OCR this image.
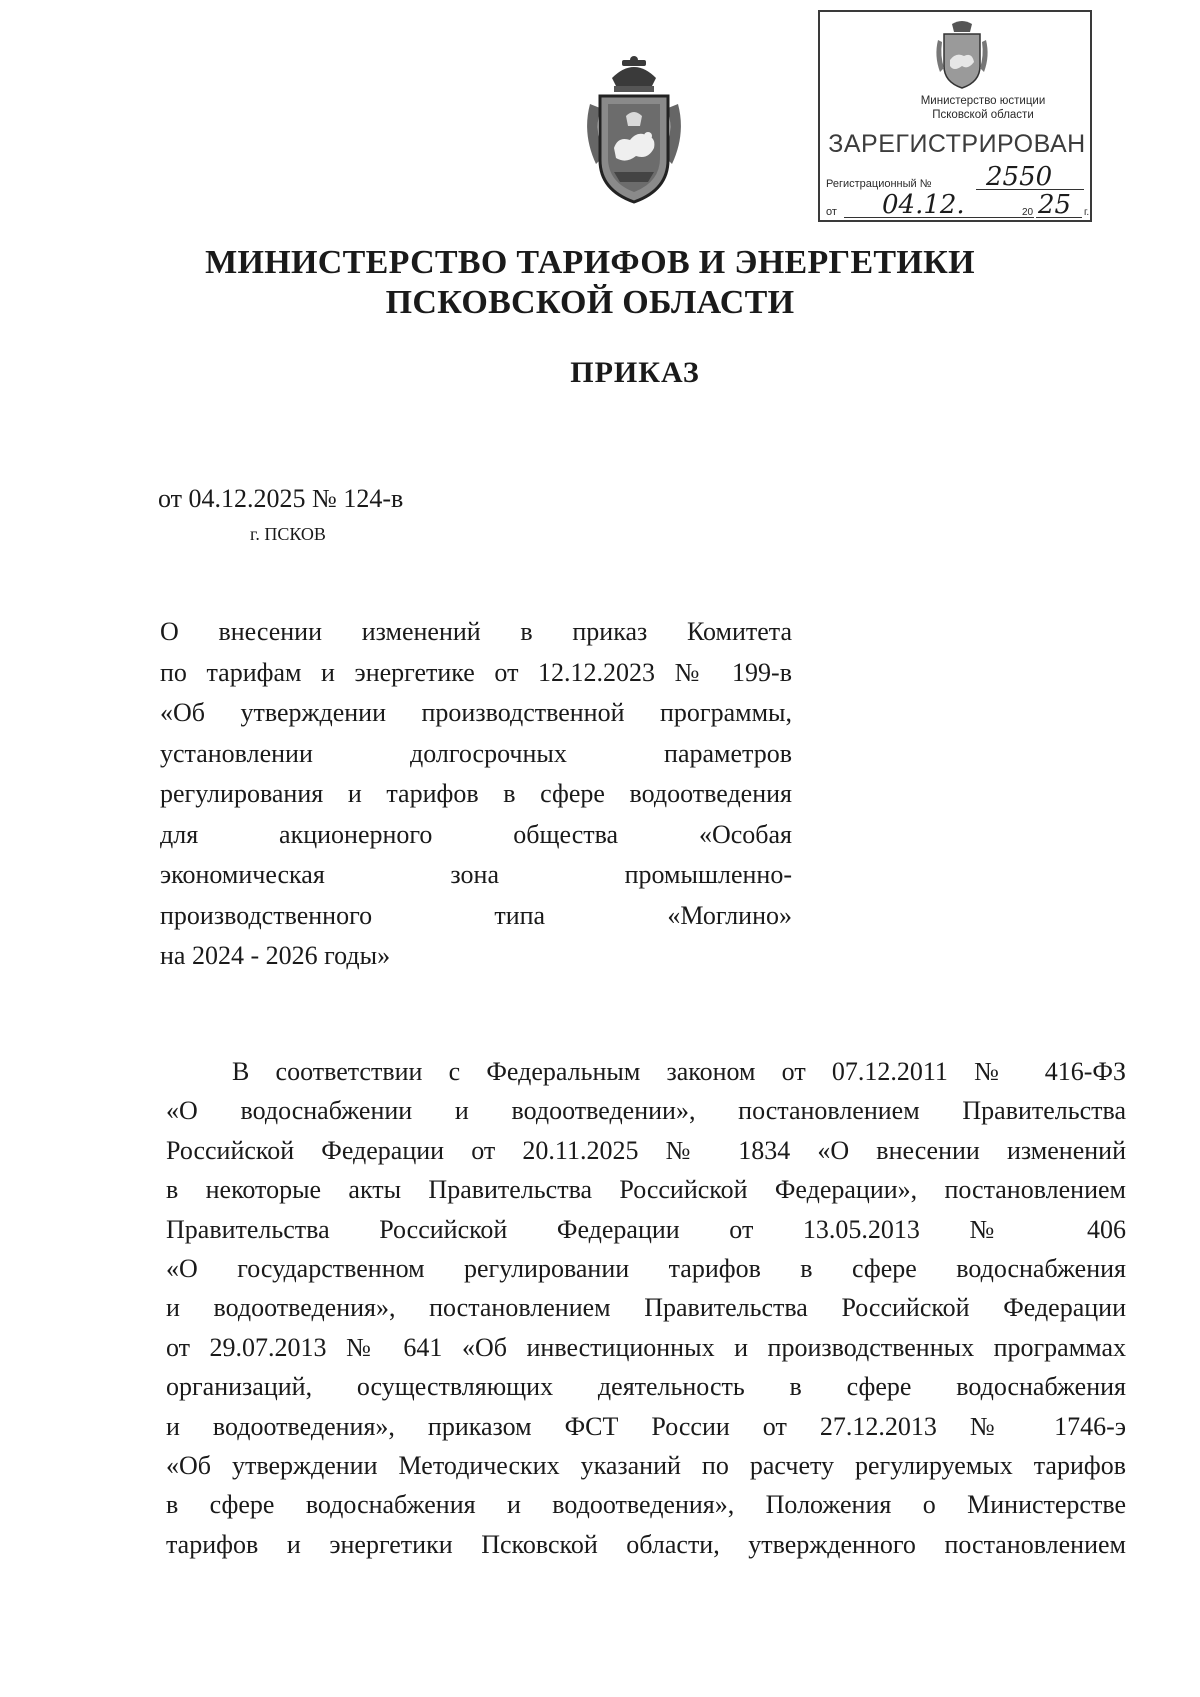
Министерство юстиции
Псковской области
ЗАРЕГИСТРИРОВАН
Регистрационный № 2550
от 04.12.	20 25 г.
МИНИСТЕРСТВО ТАРИФОВ И ЭНЕРГЕТИКИ
ПСКОВСКОЙ ОБЛАСТИ
ПРИКАЗ
от 04.12.2025 № 124-в
г. ПСКОВ
О внесении изменений в приказ Комитета
по тарифам и энергетике от 12.12.2023 № 199-в
«Об утверждении производственной программы,
установлении долгосрочных параметров
регулирования и тарифов в сфере водоотведения
для акционерного общества «Особая
экономическая зона промышленно-
производственного типа «Моглино»
на 2024 - 2026 годы»
В соответствии с Федеральным законом от 07.12.2011 № 416-ФЗ
«О водоснабжении и водоотведении», постановлением Правительства
Российской Федерации от 20.11.2025 № 1834 «О внесении изменений
в некоторые акты Правительства Российской Федерации», постановлением
Правительства Российской Федерации от 13.05.2013 № 406
«О государственном регулировании тарифов в сфере водоснабжения
и водоотведения», постановлением Правительства Российской Федерации
от 29.07.2013 № 641 «Об инвестиционных и производственных программах
организаций, осуществляющих деятельность в сфере водоснабжения
и водоотведения», приказом ФСТ России от 27.12.2013 № 1746-э
«Об утверждении Методических указаний по расчету регулируемых тарифов
в сфере водоснабжения и водоотведения», Положения о Министерстве
тарифов и энергетики Псковской области, утвержденного постановлением
